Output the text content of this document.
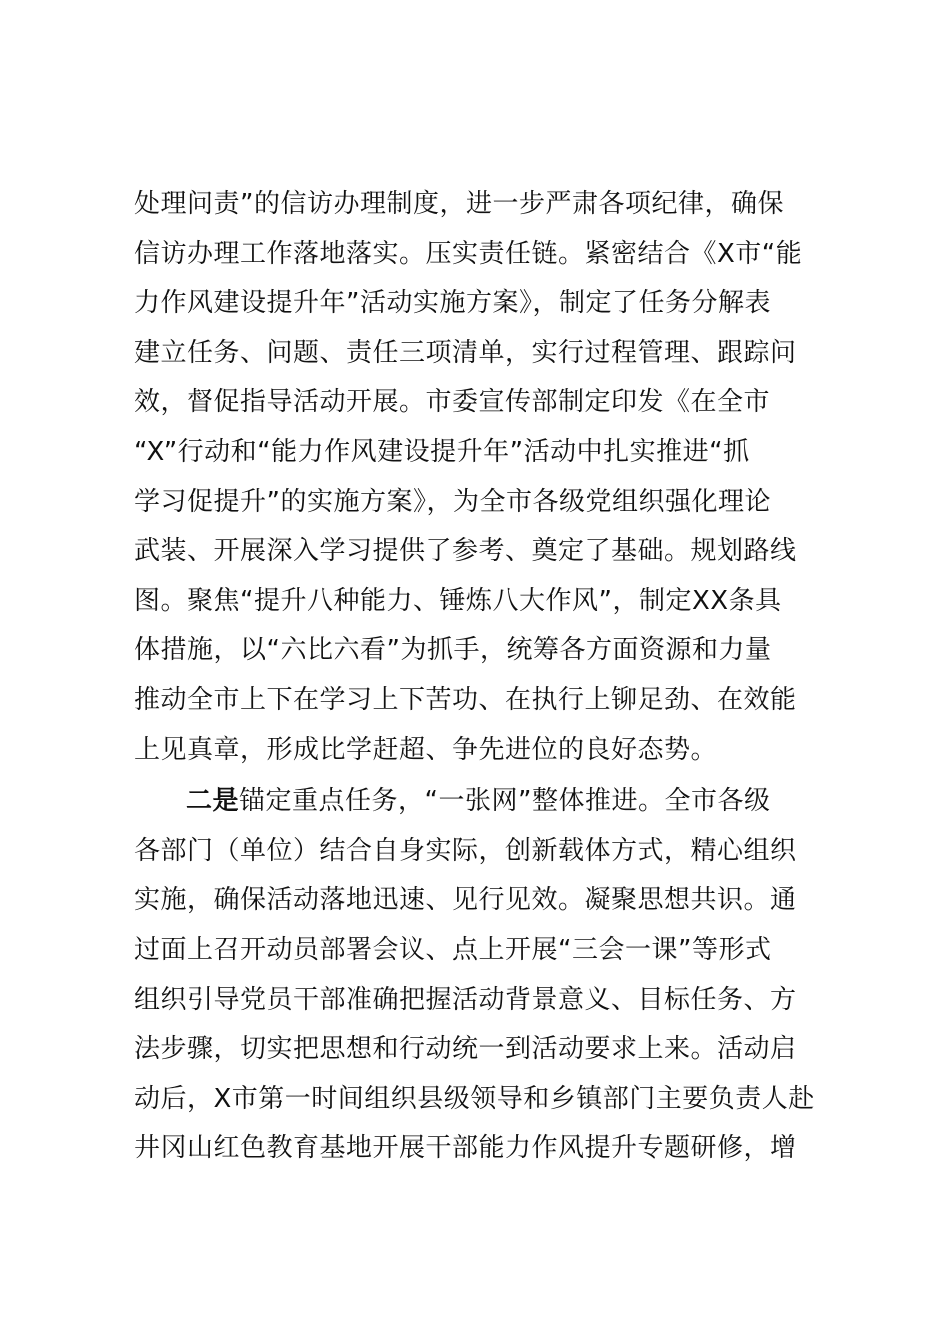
处理问责”的信访办理制度，进一步严肃各项纪律，确保
信访办理工作落地落实。压实责任链。紧密结合《X市“能
力作风建设提升年”活动实施方案》，制定了任务分解表
建立任务、问题、责任三项清单，实行过程管理、跟踪问
效，督促指导活动开展。市委宣传部制定印发《在全市
“X”行动和“能力作风建设提升年”活动中扎实推进“抓
学习促提升”的实施方案》，为全市各级党组织强化理论
武装、开展深入学习提供了参考、奠定了基础。规划路线
图。聚焦“提升八种能力、锤炼八大作风”，制定XX条具
体措施，以“六比六看”为抓手，统筹各方面资源和力量
推动全市上下在学习上下苦功、在执行上铆足劲、在效能
上见真章，形成比学赶超、争先进位的良好态势。
二是锚定重点任务，“一张网”整体推进。全市各级
各部门（单位）结合自身实际，创新载体方式，精心组织
实施，确保活动落地迅速、见行见效。凝聚思想共识。通
过面上召开动员部署会议、点上开展“三会一课”等形式
组织引导党员干部准确把握活动背景意义、目标任务、方
法步骤，切实把思想和行动统一到活动要求上来。活动启
动后，X市第一时间组织县级领导和乡镇部门主要负责人赴
井冈山红色教育基地开展干部能力作风提升专题研修，增
